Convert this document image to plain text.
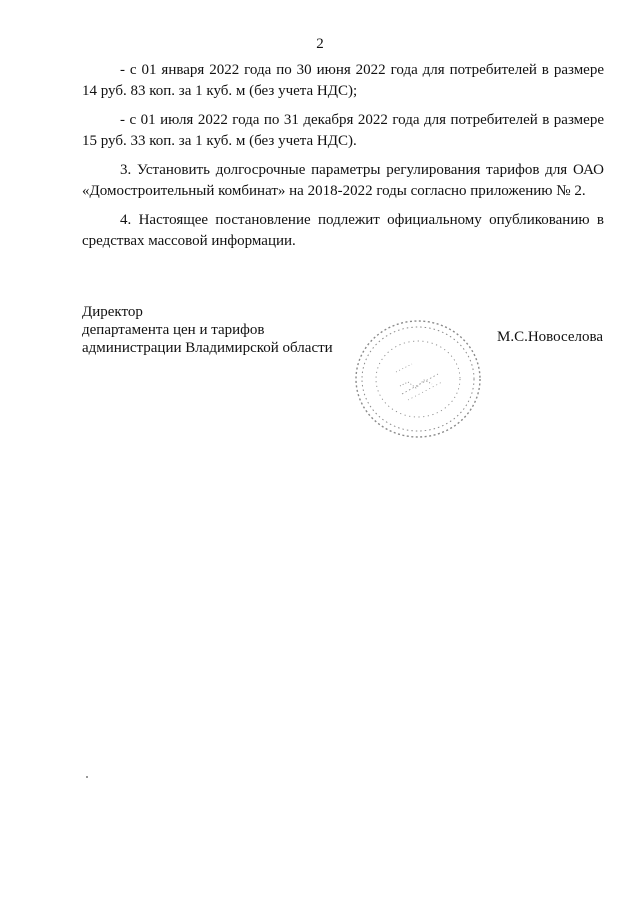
2

- с 01 января 2022 года по 30 июня 2022 года для потребителей в размере 14 руб. 83 коп. за 1 куб. м (без учета НДС);

- с 01 июля 2022 года по 31 декабря 2022 года для потребителей в размере 15 руб. 33 коп. за 1 куб. м (без учета НДС).

3. Установить долгосрочные параметры регулирования тарифов для ОАО «Домостроительный комбинат» на 2018-2022 годы согласно приложению № 2.

4. Настоящее постановление подлежит официальному опубликованию в средствах массовой информации.

Директор
департамента цен и тарифов
администрации Владимирской области
М.С.Новоселова
